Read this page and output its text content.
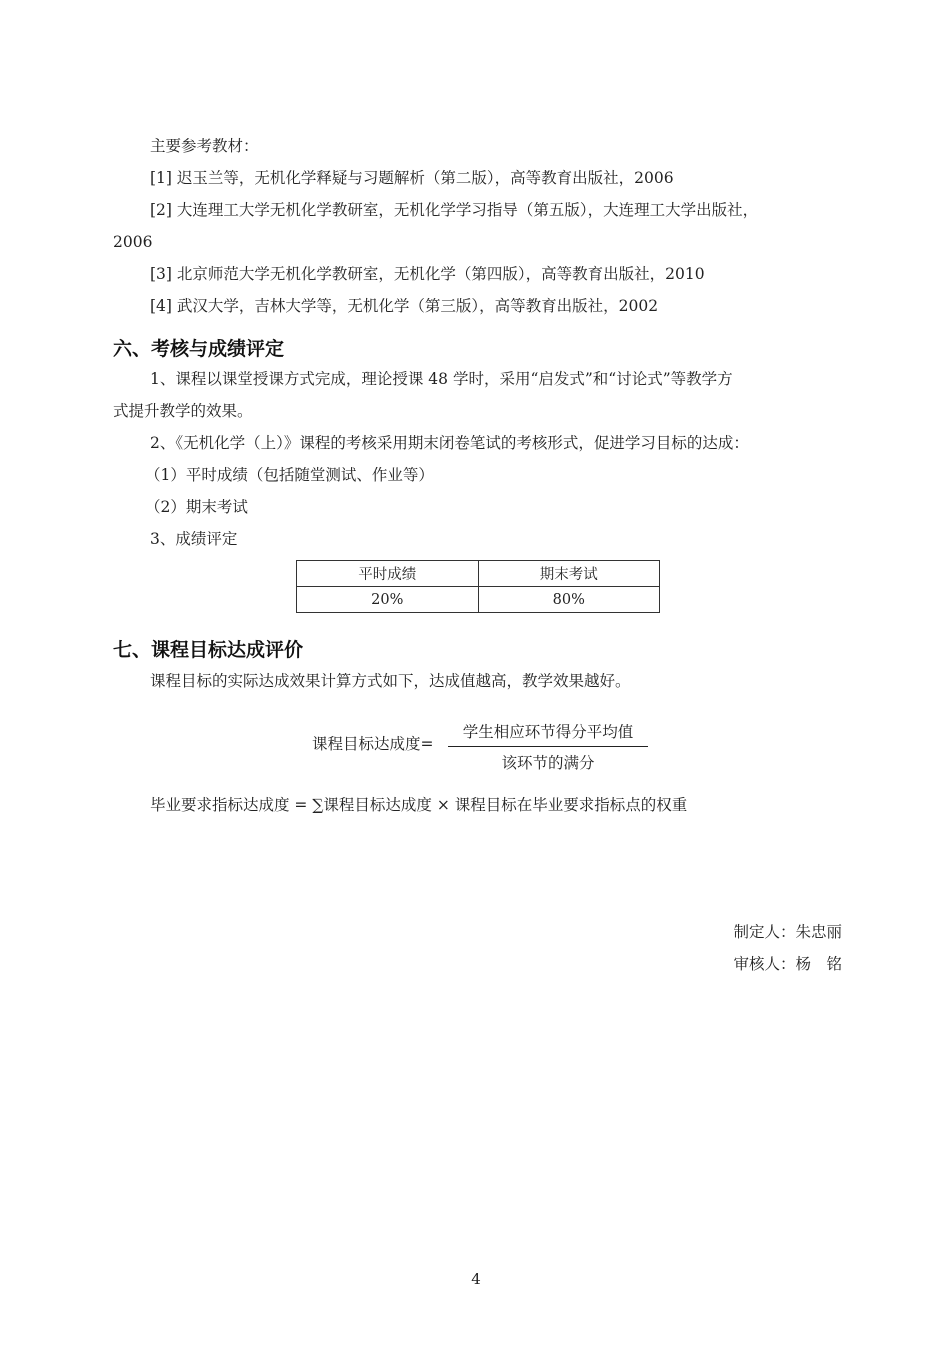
主要参考教材：
[1] 迟玉兰等，无机化学释疑与习题解析（第二版），高等教育出版社，2006
[2] 大连理工大学无机化学教研室，无机化学学习指导（第五版），大连理工大学出版社，
2006
[3] 北京师范大学无机化学教研室，无机化学（第四版），高等教育出版社，2010
[4] 武汉大学，吉林大学等，无机化学（第三版），高等教育出版社，2002
六、考核与成绩评定
1、课程以课堂授课方式完成，理论授课 48 学时，采用“启发式”和“讨论式”等教学方
式提升教学的效果。
2、《无机化学（上）》课程的考核采用期末闭卷笔试的考核形式，促进学习目标的达成：
（1）平时成绩（包括随堂测试、作业等）
（2）期末考试
3、成绩评定
平时成绩	期末考试
20%	80%
七、课程目标达成评价
课程目标的实际达成效果计算方式如下，达成值越高，教学效果越好。
课程目标达成度=
学生相应环节得分平均值
该环节的满分
毕业要求指标达成度 = ∑课程目标达成度 × 课程目标在毕业要求指标点的权重
制定人：朱忠丽
审核人：杨　铭
4
